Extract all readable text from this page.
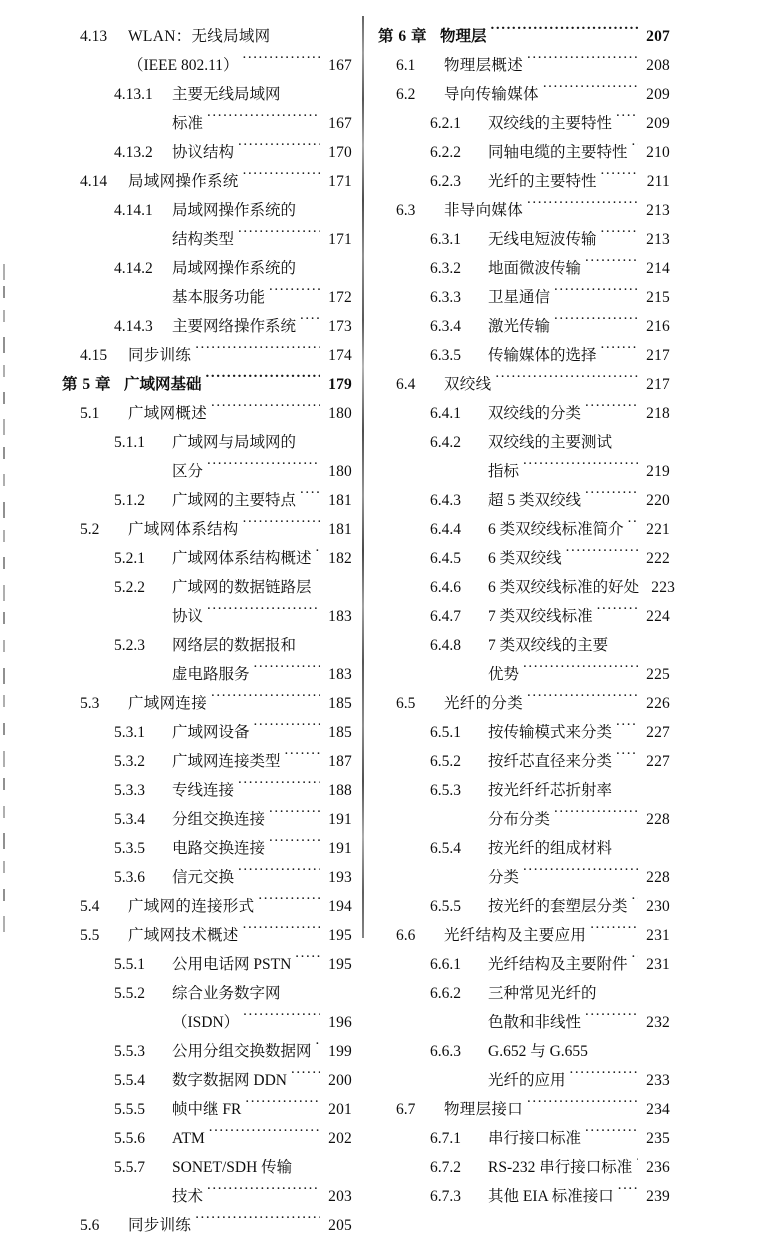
4.13	WLAN：无线局域网
（IEEE 802.11） .....	167
4.13.1	主要无线局域网
标准 .....	167
4.13.2	协议结构 .....	170
4.14	局域网操作系统 .....	171
4.14.1	局域网操作系统的
结构类型 .....	171
4.14.2	局域网操作系统的
基本服务功能 .....	172
4.14.3	主要网络操作系统 .....	173
4.15	同步训练 .....	174
第 5 章 广域网基础 .....	179
5.1	广域网概述 .....	180
5.1.1	广域网与局域网的
区分 .....	180
5.1.2	广域网的主要特点 .....	181
5.2	广域网体系结构 .....	181
5.2.1	广域网体系结构概述 .....	182
5.2.2	广域网的数据链路层
协议 .....	183
5.2.3	网络层的数据报和
虚电路服务 .....	183
5.3	广域网连接 .....	185
5.3.1	广域网设备 .....	185
5.3.2	广域网连接类型 .....	187
5.3.3	专线连接 .....	188
5.3.4	分组交换连接 .....	191
5.3.5	电路交换连接 .....	191
5.3.6	信元交换 .....	193
5.4	广域网的连接形式 .....	194
5.5	广域网技术概述 .....	195
5.5.1	公用电话网 PSTN .....	195
5.5.2	综合业务数字网
（ISDN） .....	196
5.5.3	公用分组交换数据网 .....	199
5.5.4	数字数据网 DDN .....	200
5.5.5	帧中继 FR .....	201
5.5.6	ATM .....	202
5.5.7	SONET/SDH 传输
技术 .....	203
5.6	同步训练 .....	205
第 6 章 物理层 .....	207
6.1	物理层概述 .....	208
6.2	导向传输媒体 .....	209
6.2.1	双绞线的主要特性 .....	209
6.2.2	同轴电缆的主要特性 .....	210
6.2.3	光纤的主要特性 .....	211
6.3	非导向媒体 .....	213
6.3.1	无线电短波传输 .....	213
6.3.2	地面微波传输 .....	214
6.3.3	卫星通信 .....	215
6.3.4	激光传输 .....	216
6.3.5	传输媒体的选择 .....	217
6.4	双绞线 .....	217
6.4.1	双绞线的分类 .....	218
6.4.2	双绞线的主要测试
指标 .....	219
6.4.3	超 5 类双绞线 .....	220
6.4.4	6 类双绞线标准简介 .....	221
6.4.5	6 类双绞线 .....	222
6.4.6	6 类双绞线标准的好处 223
6.4.7	7 类双绞线标准 .....	224
6.4.8	7 类双绞线的主要
优势 .....	225
6.5	光纤的分类 .....	226
6.5.1	按传输模式来分类 .....	227
6.5.2	按纤芯直径来分类 .....	227
6.5.3	按光纤纤芯折射率
分布分类 .....	228
6.5.4	按光纤的组成材料
分类 .....	228
6.5.5	按光纤的套塑层分类 .....	230
6.6	光纤结构及主要应用 .....	231
6.6.1	光纤结构及主要附件 .....	231
6.6.2	三种常见光纤的
色散和非线性 .....	232
6.6.3	G.652 与 G.655
光纤的应用 .....	233
6.7	物理层接口 .....	234
6.7.1	串行接口标准 .....	235
6.7.2	RS-232 串行接口标准 ..... 236
6.7.3	其他 EIA 标准接口 .....	239
